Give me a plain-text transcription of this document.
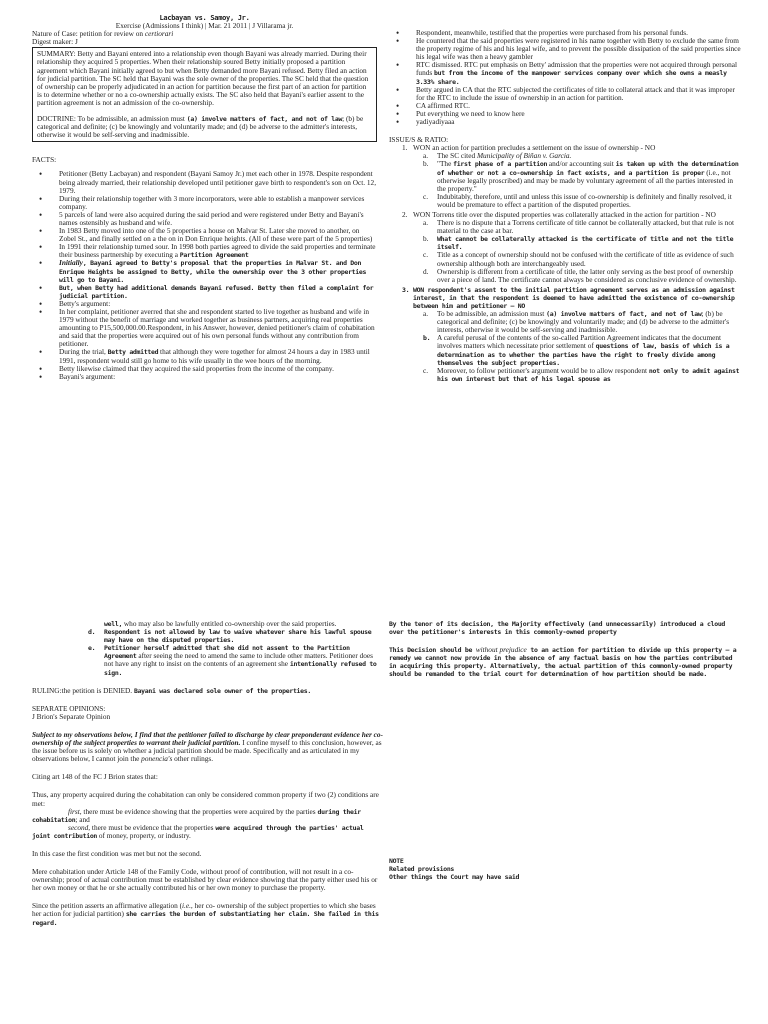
Lacbayan vs. Samoy, Jr.

Exercise (Admissions I think) | Mar. 21 2011 | J Villarama jr.

Nature of Case: petition for review on certiorari

Digest maker: J

SUMMARY: Betty and Bayani entered into a relationship even though Bayani was already married. During their relationship they acquired 5 properties. When their relationship soured Betty initially proposed a partition agreement which Bayani initially agreed to but when Betty demanded more Bayani refused. Betty filed an action for judicial partition. The SC held that Bayani was the sole owner of the properties. The SC held that the question of ownership can be properly adjudicated in an action for partition because the first part of an action for partition is to determine whether or no a co-ownership actually exists. The SC also held that Bayani's earlier assent to the partition agreement is not an admission of the co-ownership.

DOCTRINE: To be admissible, an admission must (a) involve matters of fact, and not of law; (b) be categorical and definite; (c) be knowingly and voluntarily made; and (d) be adverse to the admitter's interests, otherwise it would be self-serving and inadmissible.

FACTS:

• Petitioner (Betty Lacbayan) and respondent (Bayani Samoy Jr.) met each other in 1978. Despite respondent being already married, their relationship developed until petitioner gave birth to respondent's son on Oct. 12, 1979.
• During their relationship together with 3 more incorporators, were able to establish a manpower services company.
• 5 parcels of land were also acquired during the said period and were registered under Betty and Bayani's names ostensibly as husband and wife.
• In 1983 Betty moved into one of the 5 properties a house on Malvar St. Later she moved to another, on Zobel St., and finally settled on a the on in Don Enrique heights. (All of these were part of the 5 properties)
• In 1991 their relationship turned sour. In 1998 both parties agreed to divide the said properties and terminate their business partnership by executing a Partition Agreement
• Initially, Bayani agreed to Betty's proposal that the properties in Malvar St. and Don Enrique Heights be assigned to Betty, while the ownership over the 3 other properties will go to Bayani.
• But, when Betty had additional demands Bayani refused. Betty then filed a complaint for judicial partition.
• Betty's argument:
• In her complaint, petitioner averred that she and respondent started to live together as husband and wife in 1979 without the benefit of marriage and worked together as business partners, acquiring real properties amounting to P15,500,000.00.Respondent, in his Answer, however, denied petitioner's claim of cohabitation and said that the properties were acquired out of his own personal funds without any contribution from petitioner.
• During the trial, Betty admitted that although they were together for almost 24 hours a day in 1983 until 1991, respondent would still go home to his wife usually in the wee hours of the morning.
• Betty likewise claimed that they acquired the said properties from the income of the company.
• Bayani's argument:
• Respondent, meanwhile, testified that the properties were purchased from his personal funds.
• He countered that the said properties were registered in his name together with Betty to exclude the same from the property regime of his and his legal wife, and to prevent the possible dissipation of the said properties since his legal wife was then a heavy gambler
• RTC dismissed. RTC put emphasis on Betty' admission that the properties were not acquired through personal funds but from the income of the manpower services company over which she owns a measly 3.33% share.
• Betty argued in CA that the RTC subjected the certificates of title to collateral attack and that it was improper for the RTC to include the issue of ownership in an action for partition.
• CA affirmed RTC.
• Put everything we need to know here
• yadiyadiyaaa

ISSUE/S & RATIO:

1. WON an action for partition precludes a settlement on the issue of ownership - NO
a. The SC cited Municipality of Biñan v. Garcia.
b. "The first phase of a partition and/or accounting suit is taken up with the determination of whether or not a co-ownership in fact exists, and a partition is proper (i.e., not otherwise legally proscribed) and may be made by voluntary agreement of all the parties interested in the property."
c. Indubitably, therefore, until and unless this issue of co-ownership is definitely and finally resolved, it would be premature to effect a partition of the disputed properties.
2. WON Torrens title over the disputed properties was collaterally attacked in the action for partition - NO
a. There is no dispute that a Torrens certificate of title cannot be collaterally attacked, but that rule is not material to the case at bar.
b. What cannot be collaterally attacked is the certificate of title and not the title itself.
c. Title as a concept of ownership should not be confused with the certificate of title as evidence of such ownership although both are interchangeably used.
d. Ownership is different from a certificate of title, the latter only serving as the best proof of ownership over a piece of land. The certificate cannot always be considered as conclusive evidence of ownership.
3. WON respondent's assent to the initial partition agreement serves as an admission against interest, in that the respondent is deemed to have admitted the existence of co-ownership between him and petitioner – NO
a. To be admissible, an admission must (a) involve matters of fact, and not of law; (b) be categorical and definite; (c) be knowingly and voluntarily made; and (d) be adverse to the admitter's interests, otherwise it would be self-serving and inadmissible.
b. A careful perusal of the contents of the so-called Partition Agreement indicates that the document involves matters which necessitate prior settlement of questions of law, basis of which is a determination as to whether the parties have the right to freely divide among themselves the subject properties.
c. Moreover, to follow petitioner's argument would be to allow respondent not only to admit against his own interest but that of his legal spouse as

well, who may also be lawfully entitled co-ownership over the said properties.

d. Respondent is not allowed by law to waive whatever share his lawful spouse may have on the disputed properties.

e. Petitioner herself admitted that she did not assent to the Partition Agreement after seeing the need to amend the same to include other matters. Petitioner does not have any right to insist on the contents of an agreement she intentionally refused to sign.

RULING:the petition is DENIED. Bayani was declared sole owner of the properties.

SEPARATE OPINIONS:

J Brion's Separate Opinion

Subject to my observations below, I find that the petitioner failed to discharge by clear preponderant evidence her co- ownership of the subject properties to warrant their judicial partition. I confine myself to this conclusion, however, as the issue before us is solely on whether a judicial partition should be made. Specifically and as articulated in my observations below, I cannot join the ponencia's other rulings.

Citing art 148 of the FC J Brion states that:

Thus, any property acquired during the cohabitation can only be considered common property if two (2) conditions are met:

first, there must be evidence showing that the properties were acquired by the parties during their cohabitation; and

second, there must be evidence that the properties were acquired through the parties' actual joint contribution of money, property, or industry.

In this case the first condition was met but not the second.

Mere cohabitation under Article 148 of the Family Code, without proof of contribution, will not result in a co-ownership; proof of actual contribution must be established by clear evidence showing that the party either used his or her own money or that he or she actually contributed his or her own money to purchase the property.

Since the petition asserts an affirmative allegation (i.e., her co- ownership of the subject properties to which she bases her action for judicial partition) she carries the burden of substantiating her claim. She failed in this regard.

By the tenor of its decision, the Majority effectively (and unnecessarily) introduced a cloud over the petitioner's interests in this commonly-owned property

This Decision should be without prejudice to an action for partition to divide up this property — a remedy we cannot now provide in the absence of any factual basis on how the parties contributed in acquiring this property. Alternatively, the actual partition of this commonly-owned property should be remanded to the trial court for determination of how partition should be made.

NOTE

Related provisions

Other things the Court may have said
